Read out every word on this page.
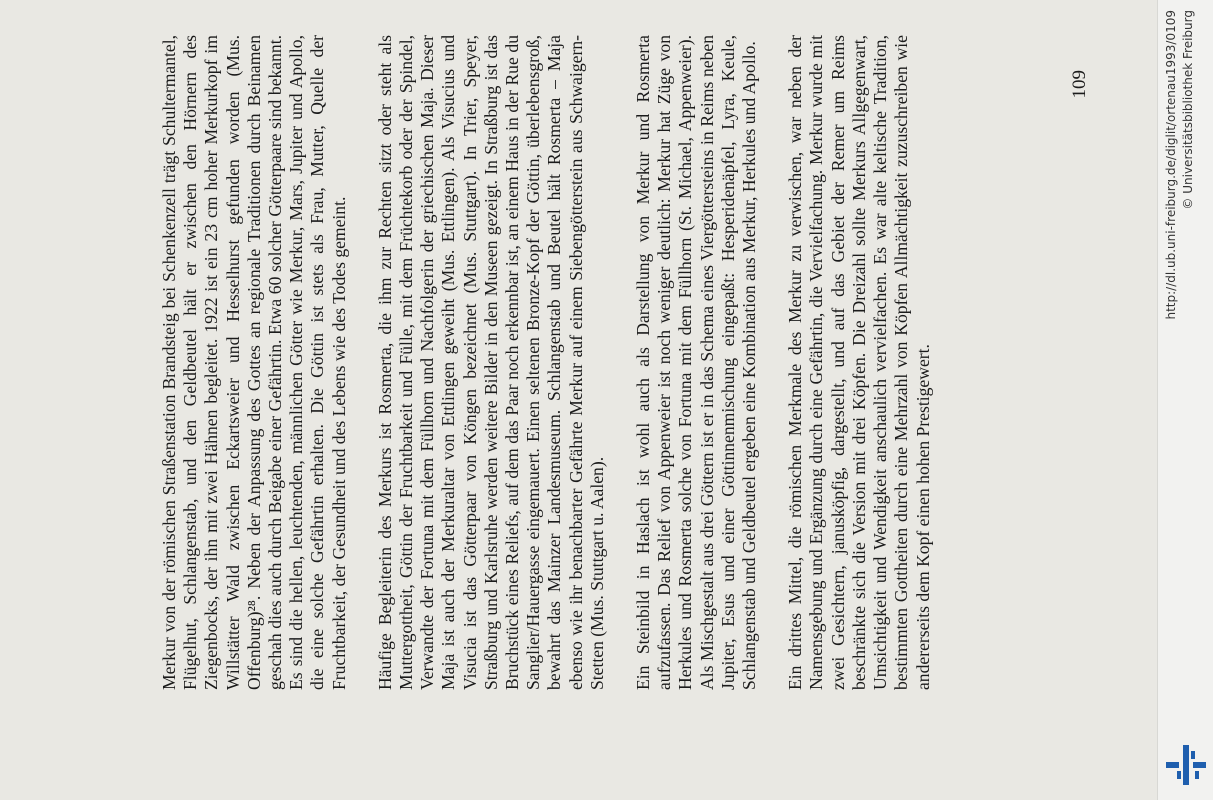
Merkur von der römischen Straßenstation Brandsteig bei Schenkenzell trägt Schultermantel, Flügelhut, Schlangenstab, und den Geldbeutel hält er zwischen den Hörnern des Ziegenbocks, der ihn mit zwei Hähnen begleitet. 1922 ist ein 23 cm hoher Merkurkopf im Willstätter Wald zwischen Eckartsweier und Hesselhurst gefunden worden (Mus. Offenburg)²⁸. Neben der Anpassung des Gottes an regionale Traditionen durch Beinamen geschah dies auch durch Beigabe einer Gefährtin. Etwa 60 solcher Götterpaare sind bekannt. Es sind die hellen, leuchtenden, männlichen Götter wie Merkur, Mars, Jupiter und Apollo, die eine solche Gefährtin erhalten. Die Göttin ist stets als Frau, Mutter, Quelle der Fruchtbarkeit, der Gesundheit und des Lebens wie des Todes gemeint. Häufige Begleiterin des Merkurs ist Rosmerta, die ihm zur Rechten sitzt oder steht als Muttergottheit, Göttin der Fruchtbarkeit und Fülle, mit dem Früchtekorb oder der Spindel, Verwandte der Fortuna mit dem Füllhorn und Nachfolgerin der griechischen Maja. Dieser Maja ist auch der Merkuraltar von Ettlingen geweiht (Mus. Ettlingen). Als Visucius und Visucia ist das Götterpaar von Köngen bezeichnet (Mus. Stuttgart). In Trier, Speyer, Straßburg und Karlsruhe werden weitere Bilder in den Museen gezeigt. In Straßburg ist das Bruchstück eines Reliefs, auf dem das Paar noch erkennbar ist, an einem Haus in der Rue du Sanglier/Hauergasse eingemauert. Einen seltenen Bronze-Kopf der Göttin, überlebensgroß, bewahrt das Mainzer Landesmuseum. Schlangenstab und Beutel hält Rosmerta – Maja ebenso wie ihr benachbarter Gefährte Merkur auf einem Siebengötterstein aus Schwaigern-Stetten (Mus. Stuttgart u. Aalen). Ein Steinbild in Haslach ist wohl auch als Darstellung von Merkur und Rosmerta aufzufassen. Das Relief von Appenweier ist noch weniger deutlich: Merkur hat Züge von Herkules und Rosmerta solche von Fortuna mit dem Füllhorn (St. Michael, Appenweier). Als Mischgestalt aus drei Göttern ist er in das Schema eines Viergöttersteins in Reims neben Jupiter, Esus und einer Göttinnenmischung eingepaßt: Hesperidenäpfel, Lyra, Keule, Schlangenstab und Geldbeutel ergeben eine Kombination aus Merkur, Herkules und Apollo. Ein drittes Mittel, die römischen Merkmale des Merkur zu verwischen, war neben der Namensgebung und Ergänzung durch eine Gefährtin, die Vervielfachung. Merkur wurde mit zwei Gesichtern, janusköpfig, dargestellt, und auf das Gebiet der Remer um Reims beschränkte sich die Version mit drei Köpfen. Die Dreizahl sollte Merkurs Allgegenwart, Umsichtigkeit und Wendigkeit anschaulich vervielfachen. Es war alte keltische Tradition, bestimmten Gottheiten durch eine Mehrzahl von Köpfen Allmächtigkeit zuzuschreiben wie andererseits dem Kopf einen hohen Prestigewert.

109	http://dl.ub.uni-freiburg.de/diglit/ortenau1993/0109 © Universitätsbibliothek Freiburg
